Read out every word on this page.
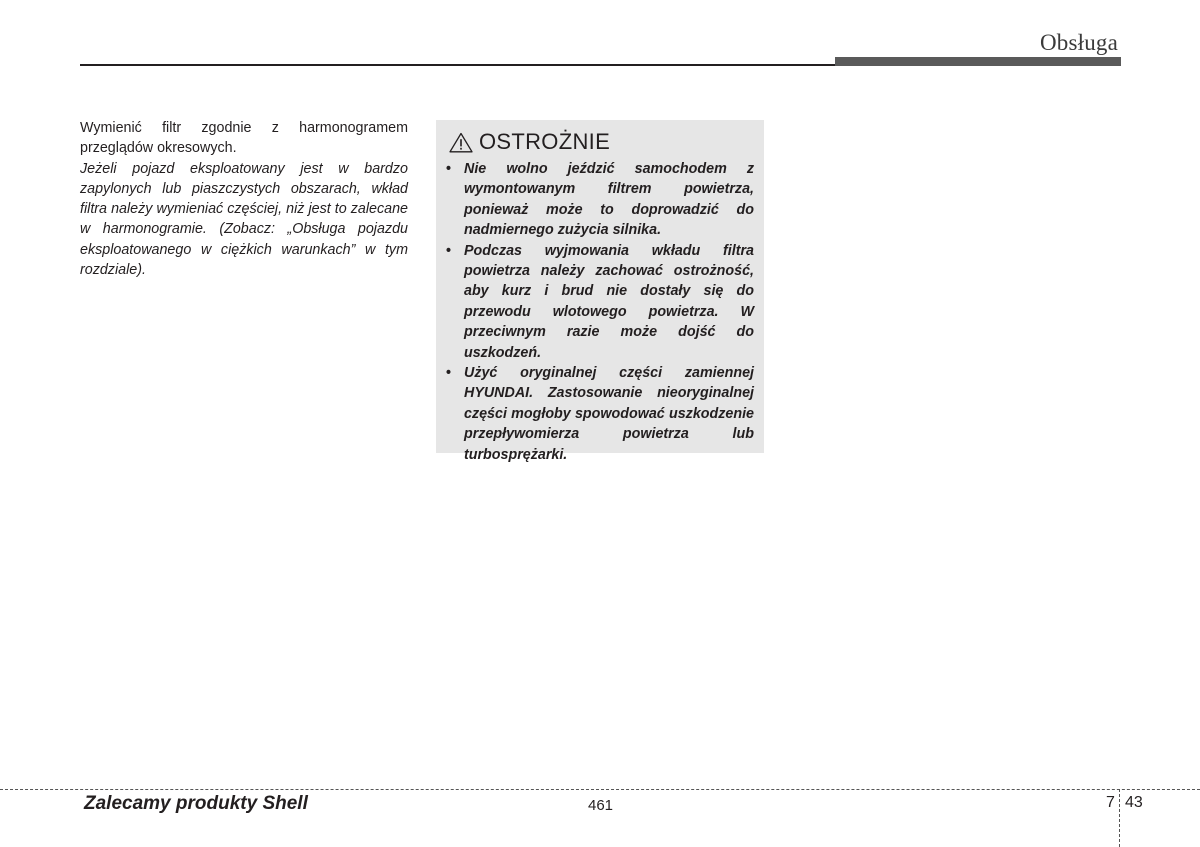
Obsługa

Wymienić filtr zgodnie z harmonogramem przeglądów okresowych.

Jeżeli pojazd eksploatowany jest w bardzo zapylonych lub piaszczystych obszarach, wkład filtra należy wymieniać częściej, niż jest to zalecane w harmonogramie. (Zobacz: „Obsługa pojazdu eksploatowanego w ciężkich warunkach” w tym rozdziale).

OSTROŻNIE
• Nie wolno jeździć samochodem z wymontowanym filtrem powietrza, ponieważ może to doprowadzić do nadmiernego zużycia silnika.
• Podczas wyjmowania wkładu filtra powietrza należy zachować ostrożność, aby kurz i brud nie dostały się do przewodu wlotowego powietrza. W przeciwnym razie może dojść do uszkodzeń.
• Użyć oryginalnej części zamiennej HYUNDAI. Zastosowanie nieoryginalnej części mogłoby spowodować uszkodzenie przepływomierza powietrza lub turbosprężarki.
Zalecamy produkty Shell	461	7 43
